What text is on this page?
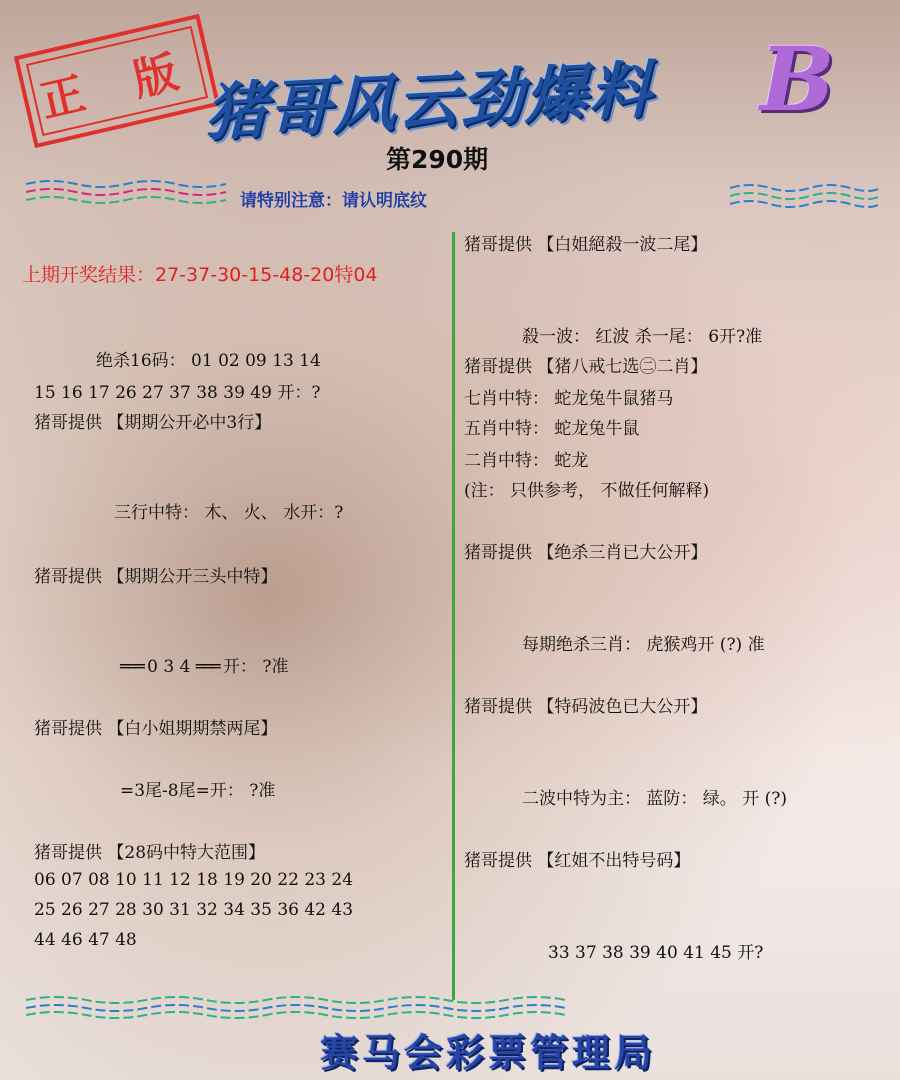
正 版 猪哥风云劲爆料	B
第290期
请特别注意：请认明底纹
上期开奖结果：27-37-30-15-48-20特04
绝杀16码： 01 02 09 13 14
15 16 17 26 27 37 38 39 49 开：?
猪哥提供 【期期公开必中3行】
三行中特： 木、 火、 水开：?
猪哥提供 【期期公开三头中特】
═══ 0 3 4 ═══ 开： ?准
猪哥提供 【白小姐期期禁两尾】
=3尾-8尾=开： ?准
猪哥提供 【28码中特大范围】
06 07 08 10 11 12 18 19 20 22 23 24
25 26 27 28 30 31 32 34 35 36 42 43
44 46 47 48
猪哥提供 【白姐絕殺一波二尾】
殺一波： 红波 杀一尾： 6开?准
猪哥提供 【猪八戒七选㊁二肖】
七肖中特： 蛇龙兔牛鼠猪马
五肖中特： 蛇龙兔牛鼠
二肖中特： 蛇龙
(注： 只供参考， 不做任何解释)
猪哥提供 【绝杀三肖已大公开】
每期绝杀三肖： 虎猴鸡开 (?) 准
猪哥提供 【特码波色已大公开】
二波中特为主： 蓝防： 绿。 开 (?)
猪哥提供 【红姐不出特号码】
33 37 38 39 40 41 45 开?
赛马会彩票管理局
